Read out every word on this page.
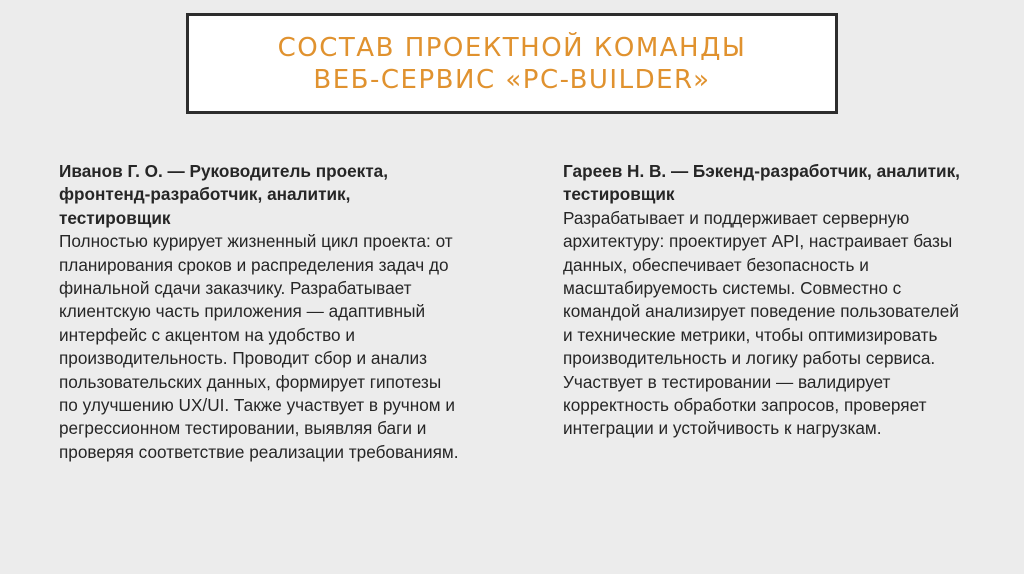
СОСТАВ ПРОЕКТНОЙ КОМАНДЫ
ВЕБ-СЕРВИС «PC-BUILDER»

Иванов Г. О. — Руководитель проекта, фронтенд-разработчик, аналитик, тестировщик

Полностью курирует жизненный цикл проекта: от планирования сроков и распределения задач до финальной сдачи заказчику. Разрабатывает клиентскую часть приложения — адаптивный интерфейс с акцентом на удобство и производительность. Проводит сбор и анализ пользовательских данных, формирует гипотезы по улучшению UX/UI. Также участвует в ручном и регрессионном тестировании, выявляя баги и проверяя соответствие реализации требованиям.

Гареев Н. В. — Бэкенд-разработчик, аналитик, тестировщик

Разрабатывает и поддерживает серверную архитектуру: проектирует API, настраивает базы данных, обеспечивает безопасность и масштабируемость системы. Совместно с командой анализирует поведение пользователей и технические метрики, чтобы оптимизировать производительность и логику работы сервиса. Участвует в тестировании — валидирует корректность обработки запросов, проверяет интеграции и устойчивость к нагрузкам.
